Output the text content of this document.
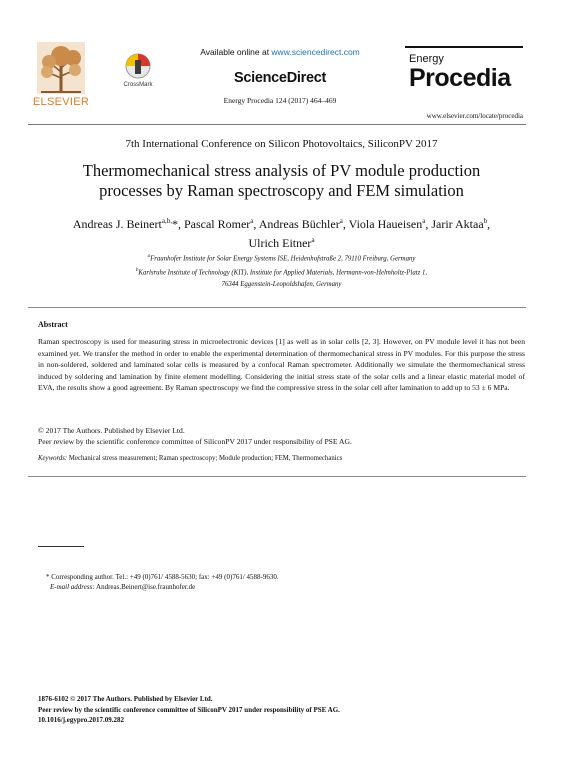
ELSEVIER
CrossMark
Available online at www.sciencedirect.com
ScienceDirect
Energy Procedia 124 (2017) 464–469
Energy
Procedia
www.elsevier.com/locate/procedia
7th International Conference on Silicon Photovoltaics, SiliconPV 2017
Thermomechanical stress analysis of PV module production
processes by Raman spectroscopy and FEM simulation
Andreas J. Beinert$^{a,b,}$*, Pascal Romer$^a$, Andreas Büchler$^a$, Viola Haueisen$^a$, Jarir Aktaa$^b$,
Ulrich Eitner$^a$
$^a$Fraunhofer Institute for Solar Energy Systems ISE, Heidenhofstraße 2, 79110 Freiburg, Germany
$^b$Karlsruhe Institute of Technology (KIT), Institute for Applied Materials, Hermann-von-Helmholtz-Platz 1,
76344 Eggenstein-Leopoldshafen, Germany
Abstract
Raman spectroscopy is used for measuring stress in microelectronic devices [1] as well as in solar cells [2, 3]. However, on PV module level it has not been examined yet. We transfer the method in order to enable the experimental determination of thermomechanical stress in PV modules. For this purpose the stress in non-soldered, soldered and laminated solar cells is measured by a confocal Raman spectrometer. Additionally we simulate the thermomechanical stress induced by soldering and lamination by finite element modelling. Considering the initial stress state of the solar cells and a linear elastic material model of EVA, the results show a good agreement. By Raman spectroscopy we find the compressive stress in the solar cell after lamination to add up to 53 ± 6 MPa.
© 2017 The Authors. Published by Elsevier Ltd.
Peer review by the scientific conference committee of SiliconPV 2017 under responsibility of PSE AG.
Keywords: Mechanical stress measurement; Raman spectroscopy; Module production; FEM, Thermomechanics
* Corresponding author. Tel.: +49 (0)761/ 4588-5630; fax: +49 (0)761/ 4588-9630.
E-mail address: Andreas.Beinert@ise.fraunhofer.de
1876-6102 © 2017 The Authors. Published by Elsevier Ltd.
Peer review by the scientific conference committee of SiliconPV 2017 under responsibility of PSE AG.
10.1016/j.egypro.2017.09.282
